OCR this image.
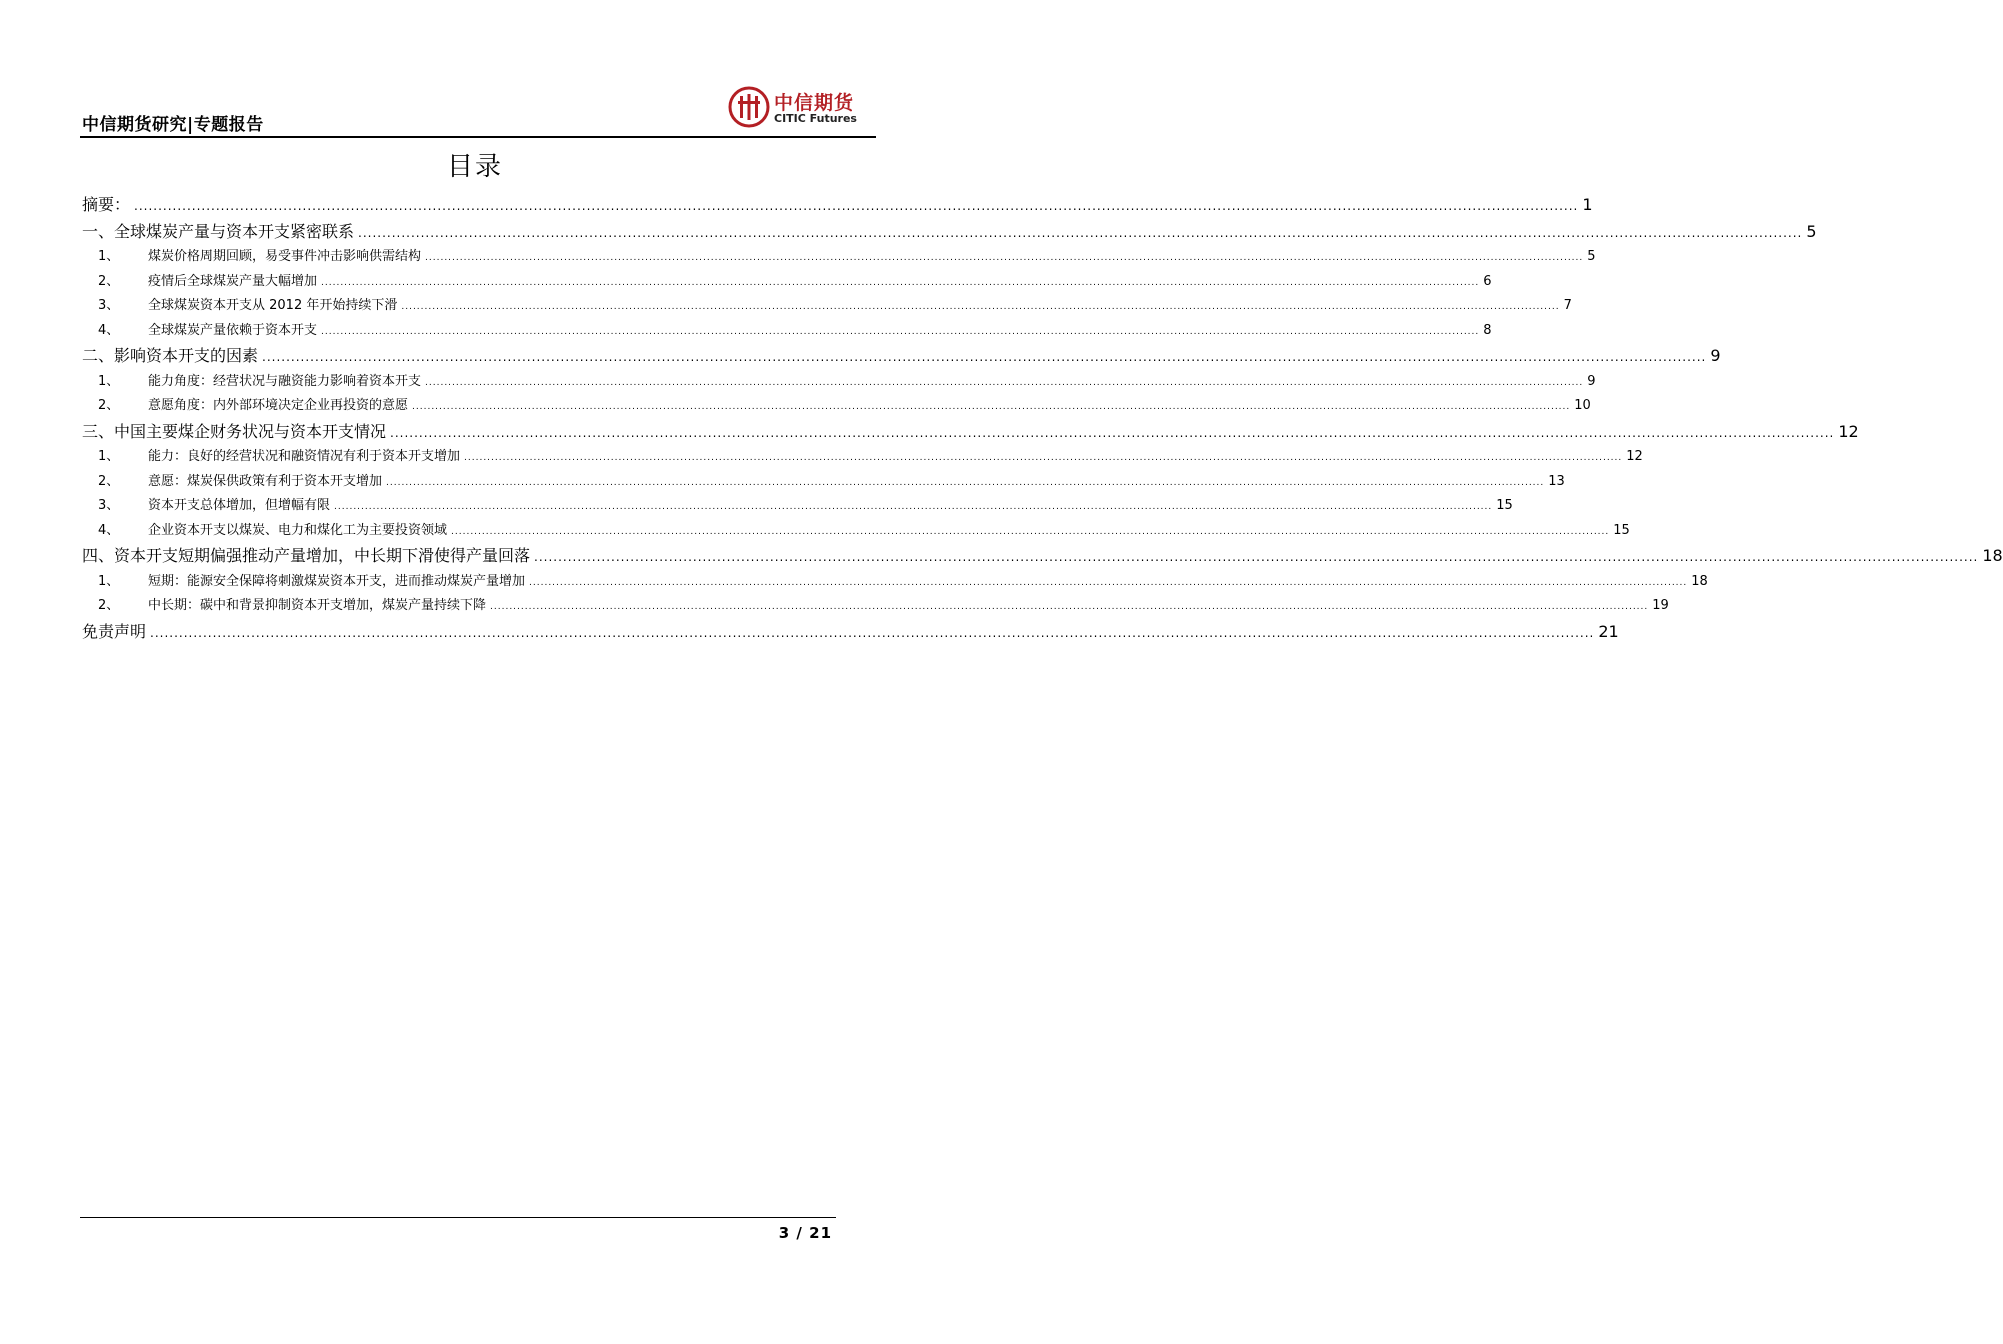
中信期货研究|专题报告
中信期货
CITIC Futures
目录
摘要： ............................................................................................................................................................................................................................................................................................................ 1
一、全球煤炭产量与资本开支紧密联系 ............................................................................................................................................................................................................................................................................................................ 5
1、	煤炭价格周期回顾，易受事件冲击影响供需结构 ............................................................................................................................................................................................................................................................................................................ 5
2、	疫情后全球煤炭产量大幅增加 ............................................................................................................................................................................................................................................................................................................ 6
3、	全球煤炭资本开支从 2012 年开始持续下滑 ............................................................................................................................................................................................................................................................................................................ 7
4、	全球煤炭产量依赖于资本开支 ............................................................................................................................................................................................................................................................................................................ 8
二、影响资本开支的因素 ............................................................................................................................................................................................................................................................................................................ 9
1、	能力角度：经营状况与融资能力影响着资本开支 ............................................................................................................................................................................................................................................................................................................ 9
2、	意愿角度：内外部环境决定企业再投资的意愿 ............................................................................................................................................................................................................................................................................................................ 10
三、中国主要煤企财务状况与资本开支情况 ............................................................................................................................................................................................................................................................................................................ 12
1、	能力：良好的经营状况和融资情况有利于资本开支增加 ............................................................................................................................................................................................................................................................................................................ 12
2、	意愿：煤炭保供政策有利于资本开支增加 ............................................................................................................................................................................................................................................................................................................ 13
3、	资本开支总体增加，但增幅有限 ............................................................................................................................................................................................................................................................................................................ 15
4、	企业资本开支以煤炭、电力和煤化工为主要投资领域 ............................................................................................................................................................................................................................................................................................................ 15
四、资本开支短期偏强推动产量增加，中长期下滑使得产量回落 ............................................................................................................................................................................................................................................................................................................ 18
1、	短期：能源安全保障将刺激煤炭资本开支，进而推动煤炭产量增加 ............................................................................................................................................................................................................................................................................................................ 18
2、	中长期：碳中和背景抑制资本开支增加，煤炭产量持续下降 ............................................................................................................................................................................................................................................................................................................ 19
免责声明 ............................................................................................................................................................................................................................................................................................................ 21
3 / 21
